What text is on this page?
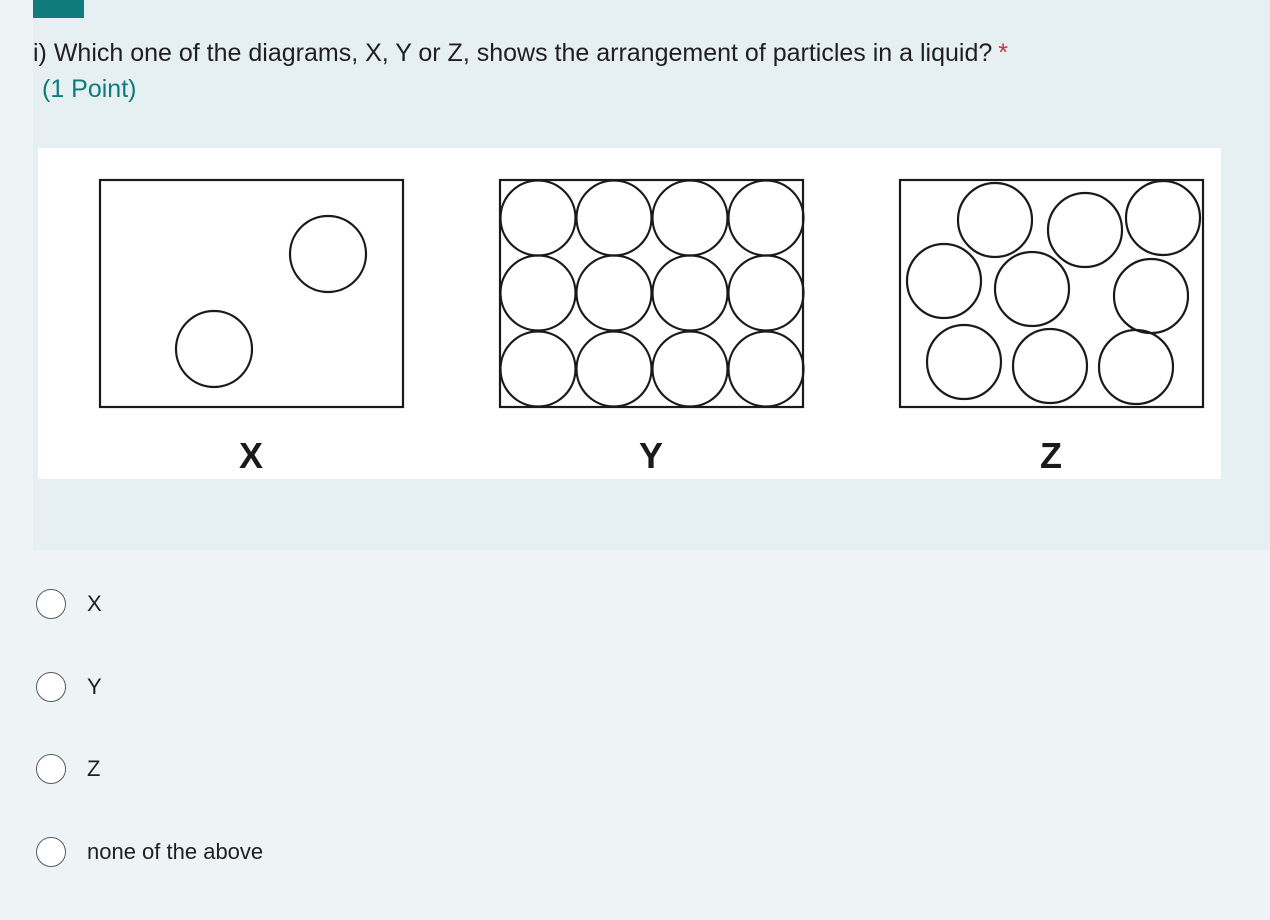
i) Which one of the diagrams, X, Y or Z, shows the arrangement of particles in a liquid? *
(1 Point)
X	Y	Z
X
Y
Z
none of the above
